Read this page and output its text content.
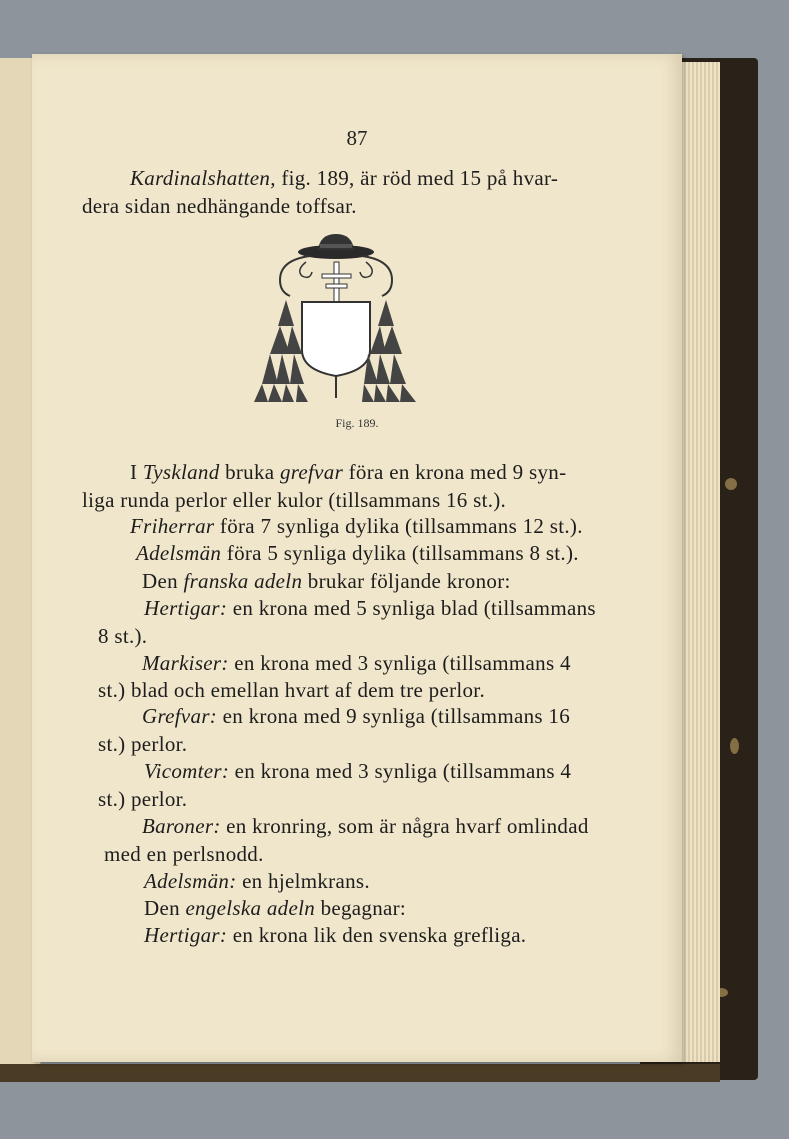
87
Kardinalshatten, fig. 189, är röd med 15 på hvar-
dera sidan nedhängande toffsar.
Fig. 189.
I Tyskland bruka grefvar föra en krona med 9 syn-
liga runda perlor eller kulor (tillsammans 16 st.).
Friherrar föra 7 synliga dylika (tillsammans 12 st.).
Adelsmän föra 5 synliga dylika (tillsammans 8 st.).
Den franska adeln brukar följande kronor:
Hertigar: en krona med 5 synliga blad (tillsammans
8 st.).
Markiser: en krona med 3 synliga (tillsammans 4
st.) blad och emellan hvart af dem tre perlor.
Grefvar: en krona med 9 synliga (tillsammans 16
st.) perlor.
Vicomter: en krona med 3 synliga (tillsammans 4
st.) perlor.
Baroner: en kronring, som är några hvarf omlindad
med en perlsnodd.
Adelsmän: en hjelmkrans.
Den engelska adeln begagnar:
Hertigar: en krona lik den svenska grefliga.
